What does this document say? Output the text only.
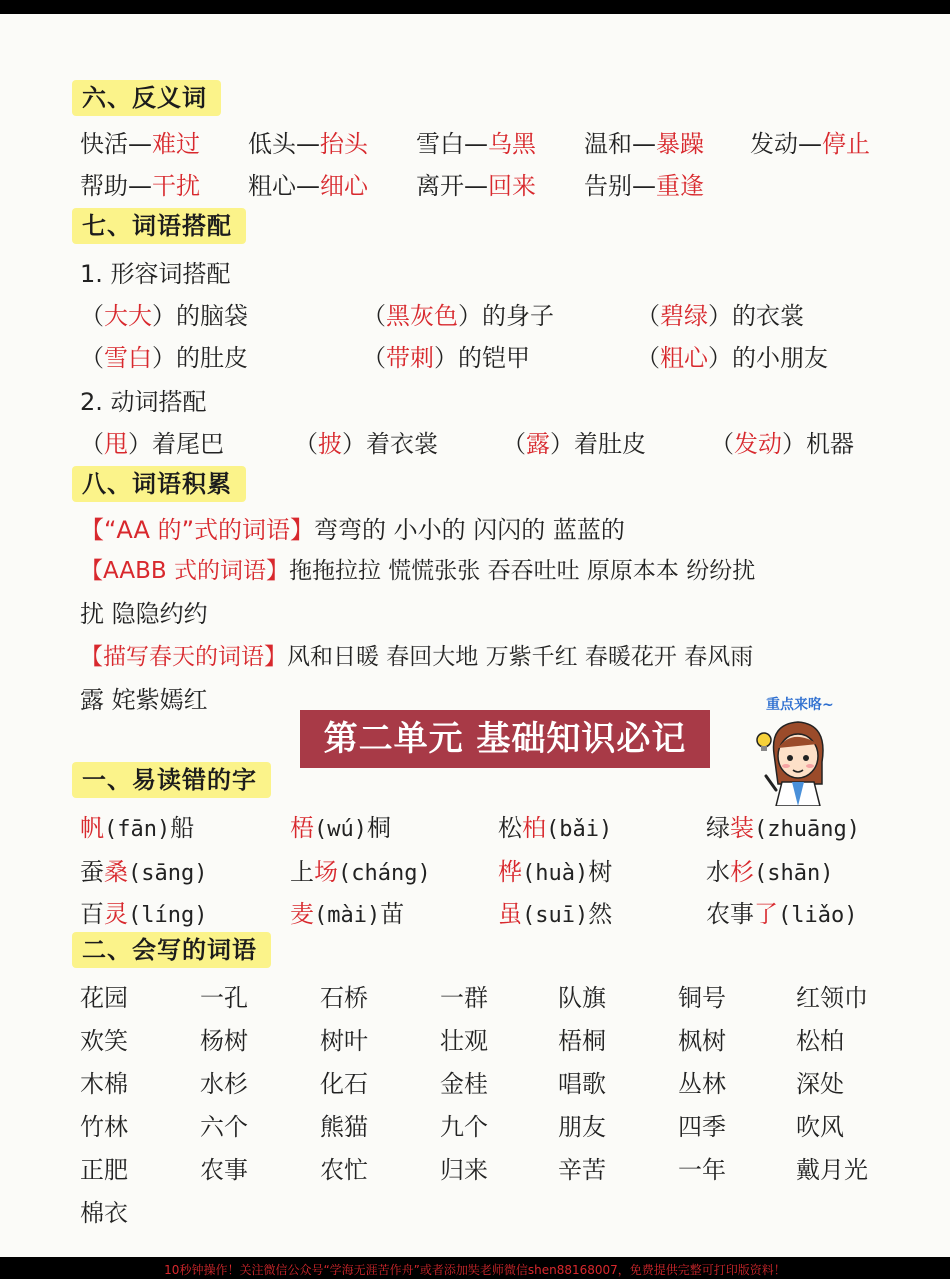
六、反义词
快活—难过 低头—抬头 雪白—乌黑 温和—暴躁 发动—停止
帮助—干扰 粗心—细心 离开—回来 告别—重逢
七、词语搭配
1. 形容词搭配
（大大）的脑袋	（黑灰色）的身子	（碧绿）的衣裳
（雪白）的肚皮	（带刺）的铠甲	（粗心）的小朋友
2. 动词搭配
（甩）着尾巴	（披）着衣裳	（露）着肚皮	（发动）机器
八、词语积累
【“AA 的”式的词语】弯弯的 小小的 闪闪的 蓝蓝的
【AABB 式的词语】拖拖拉拉 慌慌张张 吞吞吐吐 原原本本 纷纷扰
扰 隐隐约约
【描写春天的词语】风和日暖 春回大地 万紫千红 春暖花开 春风雨
露 姹紫嫣红
第二单元 基础知识必记
重点来咯~
一、易读错的字
帆(fān)船	梧(wú)桐	松柏(bǎi)	绿装(zhuāng)
蚕桑(sāng)	上场(cháng)	桦(huà)树	水杉(shān)
百灵(líng)	麦(mài)苗	虽(suī)然	农事了(liǎo)
二、会写的词语
花园	一孔	石桥	一群	队旗	铜号	红领巾
欢笑	杨树	树叶	壮观	梧桐	枫树	松柏
木棉	水杉	化石	金桂	唱歌	丛林	深处
竹林	六个	熊猫	九个	朋友	四季	吹风
正肥	农事	农忙	归来	辛苦	一年	戴月光
棉衣
10秒钟操作！关注微信公众号“学海无涯苦作舟”或者添加奘老师微信shen88168007，免费提供完整可打印版资料！
